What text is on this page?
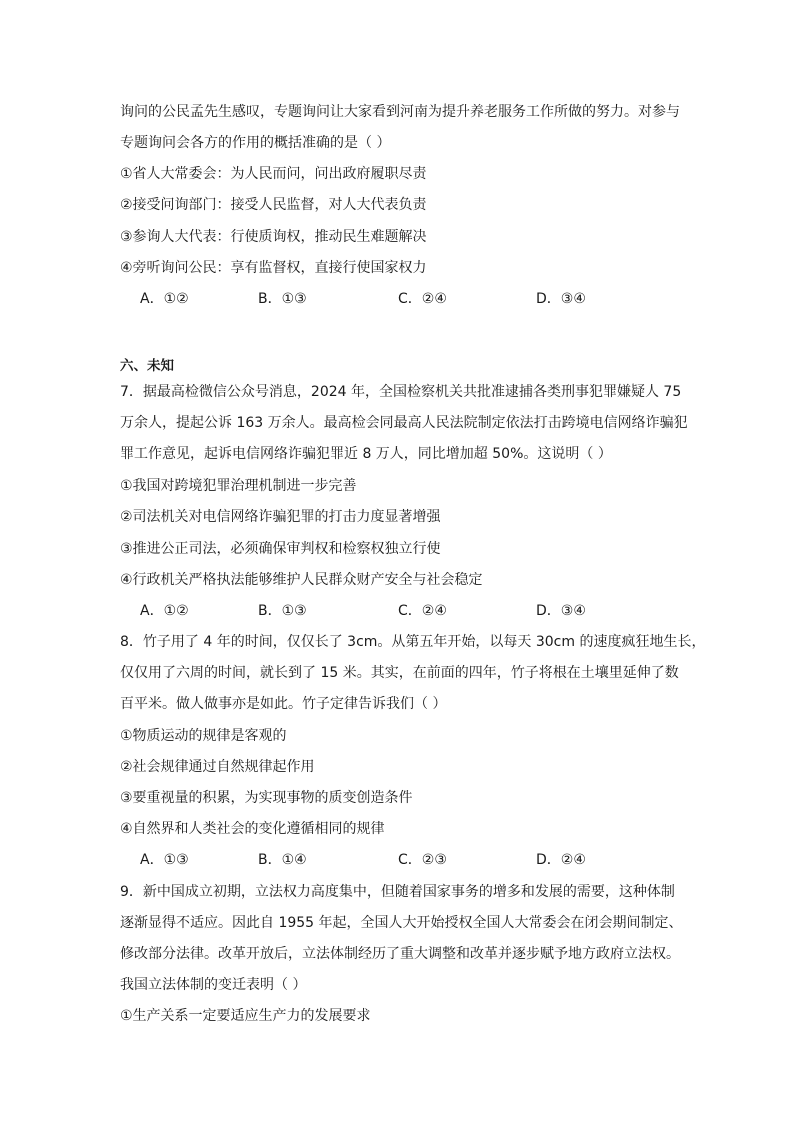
询问的公民孟先生感叹，专题询问让大家看到河南为提升养老服务工作所做的努力。对参与
专题询问会各方的作用的概括准确的是（ ）
①省人大常委会：为人民而问，问出政府履职尽责
②接受问询部门：接受人民监督，对人大代表负责
③参询人大代表：行使质询权，推动民生难题解决
④旁听询问公民：享有监督权，直接行使国家权力
A．①②	B．①③	C．②④	D．③④
六、未知
7．据最高检微信公众号消息，2024 年，全国检察机关共批准逮捕各类刑事犯罪嫌疑人 75
万余人，提起公诉 163 万余人。最高检会同最高人民法院制定依法打击跨境电信网络诈骗犯
罪工作意见，起诉电信网络诈骗犯罪近 8 万人，同比增加超 50%。这说明（ ）
①我国对跨境犯罪治理机制进一步完善
②司法机关对电信网络诈骗犯罪的打击力度显著增强
③推进公正司法，必须确保审判权和检察权独立行使
④行政机关严格执法能够维护人民群众财产安全与社会稳定
A．①②	B．①③	C．②④	D．③④
8．竹子用了 4 年的时间，仅仅长了 3cm。从第五年开始，以每天 30cm 的速度疯狂地生长，
仅仅用了六周的时间，就长到了 15 米。其实，在前面的四年，竹子将根在土壤里延伸了数
百平米。做人做事亦是如此。竹子定律告诉我们（ ）
①物质运动的规律是客观的
②社会规律通过自然规律起作用
③要重视量的积累，为实现事物的质变创造条件
④自然界和人类社会的变化遵循相同的规律
A．①③	B．①④	C．②③	D．②④
9．新中国成立初期，立法权力高度集中，但随着国家事务的增多和发展的需要，这种体制
逐渐显得不适应。因此自 1955 年起，全国人大开始授权全国人大常委会在闭会期间制定、
修改部分法律。改革开放后，立法体制经历了重大调整和改革并逐步赋予地方政府立法权。
我国立法体制的变迁表明（ ）
①生产关系一定要适应生产力的发展要求
